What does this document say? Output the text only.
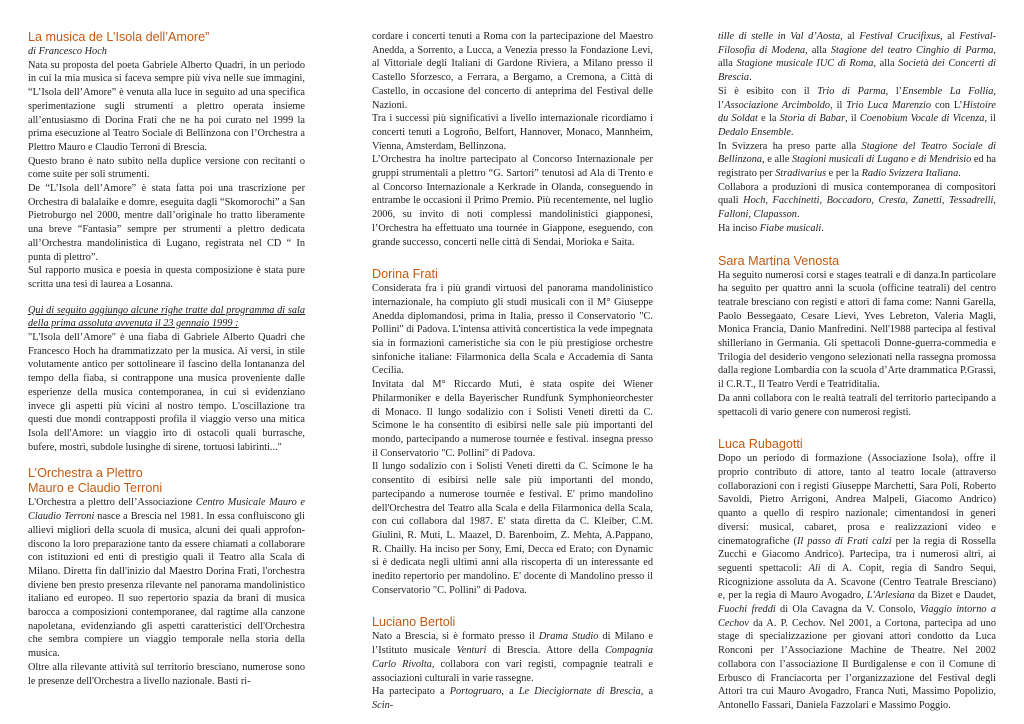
La musica de L’Isola dell’Amore”

di Francesco Hoch

Nata su proposta del poeta Gabriele Alberto Quadri, in un periodo in cui la mia musica si faceva sempre più viva nelle sue immagini, “L’Isola dell’Amore” è venuta alla luce in seguito ad una specifica sperimentazione sugli strumenti a plettro operata insieme all’entusiasmo di Dorina Frati che ne ha poi curato nel 1999 la prima esecuzione al Teatro Sociale di Bellinzona con l’Orchestra a Plettro Mauro e Claudio Terroni di Brescia.

Questo brano è nato subito nella duplice versione con recitanti o come suite per soli strumenti.

De “L’Isola dell’Amore” è stata fatta poi una trascrizione per Orchestra di balalaike e domre, eseguita dagli “Skomorochi” a San Pietroburgo nel 2000, mentre dall’originale ho tratto liberamente una breve “Fantasia” sempre per strumenti a plettro dedicata all’Orchestra mandolinistica di Lugano, registrata nel CD “ In punta di plettro”.

Sul rapporto musica e poesia in questa composizione è stata pure scritta una tesi di laurea a Losanna.

Qui di seguito aggiungo alcune righe tratte dal programma di sala della prima assoluta avvenuta il 23 gennaio 1999 :

"L'Isola dell’Amore" è una fiaba di Gabriele Alberto Quadri che Francesco Hoch ha drammatizzato per la musica. Ai versi, in stile volutamente antico per sottolineare il fascino della lontananza del tempo della fiaba, si contrappone una musica proveniente dalle esperienze della musica contemporanea, in cui si evidenziano invece gli aspetti più vicini al nostro tempo. L'oscillazione tra questi due mondi contrapposti profila il viaggio verso una mitica Isola dell'Amore: un viaggio irto di ostacoli quali burrasche, bufere, mostri, subdole lusinghe di sirene, tortuosi labirinti..."

L’Orchestra a Plettro
Mauro e Claudio Terroni

L'Orchestra a plettro dell’Associazione Centro Musicale Mauro e Claudio Terroni nasce a Brescia nel 1981. In essa confluiscono gli allievi migliori della scuola di musica, alcuni dei quali approfon-discono la loro preparazione tanto da essere chiamati a collaborare con istituzioni ed enti di prestigio quali il Teatro alla Scala di Milano. Diretta fin dall'inizio dal Maestro Dorina Frati, l'orchestra diviene ben presto presenza rilevante nel panorama mandolinistico italiano ed europeo. Il suo repertorio spazia da brani di musica barocca a composizioni contemporanee, dal ragtime alla canzone napoletana, evidenziando gli aspetti caratteristici dell'Orchestra che sembra compiere un viaggio temporale nella storia della musica.

Oltre alla rilevante attività sul territorio bresciano, numerose sono le presenze dell'Orchestra a livello nazionale. Basti ri-

cordare i concerti tenuti a Roma con la partecipazione del Maestro Anedda, a Sorrento, a Lucca, a Venezia presso la Fondazione Levi, al Vittoriale degli Italiani di Gardone Riviera, a Milano presso il Castello Sforzesco, a Ferrara, a Bergamo, a Cremona, a Città di Castello, in occasione del concerto di anteprima del Festival delle Nazioni.

Tra i successi più significativi a livello internazionale ricordiamo i concerti tenuti a Logroño, Belfort, Hannover, Monaco, Mannheim, Vienna, Amsterdam, Bellinzona.

L’Orchestra ha inoltre partecipato al Concorso Internazionale per gruppi strumentali a plettro “G. Sartori” tenutosi ad Ala di Trento e al Concorso Internazionale a Kerkrade in Olanda, conseguendo in entrambe le occasioni il Primo Premio. Più recentemente, nel luglio 2006, su invito di noti complessi mandolinistici giapponesi, l’Orchestra ha effettuato una tournée in Giappone, eseguendo, con grande successo, concerti nelle città di Sendai, Morioka e Saita.

Dorina Frati

Considerata fra i più grandi virtuosi del panorama mandolinistico internazionale, ha compiuto gli studi musicali con il M° Giuseppe Anedda diplomandosi, prima in Italia, presso il Conservatorio "C. Pollini" di Padova. L'intensa attività concertistica la vede impegnata sia in formazioni cameristiche sia con le più prestigiose orchestre sinfoniche italiane: Filarmonica della Scala e Accademia di Santa Cecilia.

Invitata dal M° Riccardo Muti, è stata ospite dei Wiener Philarmoniker e della Bayerischer Rundfunk Symphonieorchester di Monaco. Il lungo sodalizio con i Solisti Veneti diretti da C. Scimone le ha consentito di esibirsi nelle sale più importanti del mondo, partecipando a numerose tournée e festival. insegna presso il Conservatorio "C. Pollini" di Padova.

Il lungo sodalizio con i Solisti Veneti diretti da C. Scimone le ha consentito di esibirsi nelle sale più importanti del mondo, partecipando a numerose tournée e festival. E' primo mandolino dell'Orchestra del Teatro alla Scala e della Filarmonica della Scala, con cui collabora dal 1987. E' stata diretta da C. Kleiber, C.M. Giulini, R. Muti, L. Maazel, D. Barenboim, Z. Mehta, A.Pappano, R. Chailly. Ha inciso per Sony, Emi, Decca ed Erato; con Dynamic si è dedicata negli ultimi anni alla riscoperta di un interessante ed inedito repertorio per mandolino. E' docente di Mandolino presso il Conservatorio "C. Pollini" di Padova.

Luciano Bertoli

Nato a Brescia, si è formato presso il Drama Studio di Milano e l’Istituto musicale Venturi di Brescia. Attore della Compagnia Carlo Rivolta, collabora con vari registi, compagnie teatrali e associazioni culturali in varie rassegne.

Ha partecipato a Portogruaro, a Le Diecigiornate di Brescia, a Scin-

tille di stelle in Val d’Aosta, al Festival Crucifixus, al Festival-Filosofia di Modena, alla Stagione del teatro Cinghio di Parma, alla Stagione musicale IUC di Roma, alla Società dei Concerti di Brescia.

Si è esibito con il Trio di Parma, l’Ensemble La Follia, l’Associazione Arcimboldo, il Trio Luca Marenzio con L’Histoire du Soldat e la Storia di Babar, il Coenobium Vocale di Vicenza, il Dedalo Ensemble.

In Svizzera ha preso parte alla Stagione del Teatro Sociale di Bellinzona, e alle Stagioni musicali di Lugano e di Mendrisio ed ha registrato per Stradivarius e per la Radio Svizzera Italiana.

Collabora a produzioni di musica contemporanea di compositori quali Hoch, Facchinetti, Boccadoro, Cresta, Zanetti, Tessadrelli, Falloni, Clapasson.

Ha inciso Fiabe musicali.

Sara Martina Venosta

Ha seguito numerosi corsi e stages teatrali e di danza.In particolare ha seguito per quattro anni la scuola (officine teatrali) del centro teatrale bresciano con registi e attori di fama come: Nanni Garella, Paolo Bessegaato, Cesare Lievi, Yves Lebreton, Valeria Magli, Monica Francia, Danio Manfredini. Nell'1988 partecipa al festival shilleriano in Germania. Gli spettacoli Donne-guerra-commedia e Trilogia del desiderio vengono selezionati nella rassegna promossa dalla regione Lombardia con la scuola d’Arte drammatica P.Grassi, il C.R.T., Il Teatro Verdi e Teatriditalia.

Da anni collabora con le realtà teatrali del territorio partecipando a spettacoli di vario genere con numerosi registi.

Luca Rubagotti

Dopo un periodo di formazione (Associazione Isola), offre il proprio contributo di attore, tanto al teatro locale (attraverso collaborazioni con i registi Giuseppe Marchetti, Sara Poli, Roberto Savoldi, Pietro Arrigoni, Andrea Malpeli, Giacomo Andrico) quanto a quello di respiro nazionale; cimentandosi in generi diversi: musical, cabaret, prosa e realizzazioni video e cinematografiche (Il passo di Frati calzi per la regia di Rossella Zucchi e Giacomo Andrico). Partecipa, tra i numerosi altri, ai seguenti spettacoli: Alì di A. Copit, regia di Sandro Sequi, Ricognizione assoluta da A. Scavone (Centro Teatrale Bresciano) e, per la regia di Mauro Avogadro, L'Arlesiana da Bizet e Daudet, Fuochi freddi di Ola Cavagna da V. Consolo, Viaggio intorno a Cechov da A. P. Cechov. Nel 2001, a Cortona, partecipa ad uno stage di specializzazione per giovani attori condotto da Luca Ronconi per l’Associazione Machine de Theatre. Nel 2002 collabora con l’associazione Il Burdigalense e con il Comune di Erbusco di Franciacorta per l’organizzazione del Festival degli Attori tra cui Mauro Avogadro, Franca Nuti, Massimo Popolizio, Antonello Fassari, Daniela Fazzolari e Massimo Poggio.
